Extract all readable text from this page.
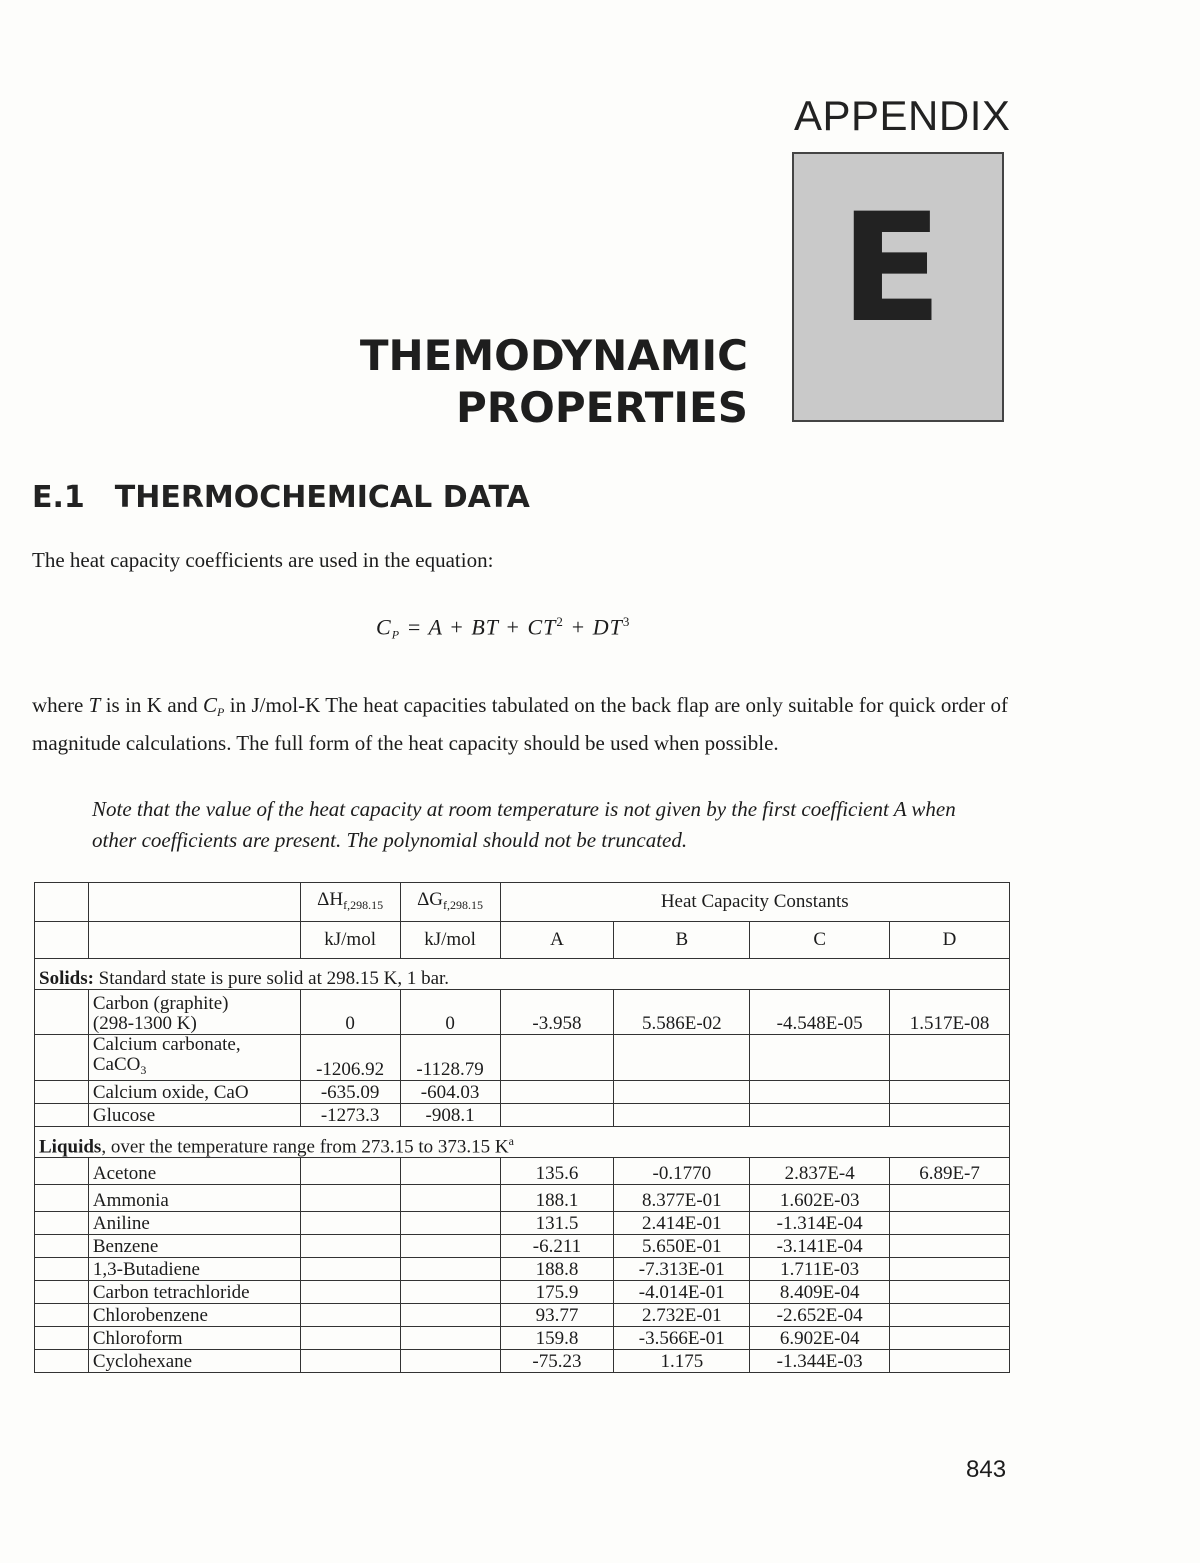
APPENDIX
E
THEMODYNAMIC
PROPERTIES
E.1 THERMOCHEMICAL DATA
The heat capacity coefficients are used in the equation:
$C_P = A$ + BT + $CT^2 + DT^3$
where T is in K and $C_P$ in J/mol-K The heat capacities tabulated on the back flap are only suitable for quick order of magnitude calculations. The full form of the heat capacity should be used when possible.
Note that the value of the heat capacity at room temperature is not given by the first coefficient A when other coefficients are present. The polynomial should not be truncated.
		$\Delta H_{f,298.15}$	$\Delta G_{f,298.15}$	Heat Capacity Constants			
		kJ/mol	kJ/mol	A	B	C	D
Solids: Standard state is pure solid at 298.15 K, 1 bar.							

	Carbon (graphite)
(298-1300 K)	0	0	-3.958	5.586E-02	-4.548E-05	1.517E-08

	Calcium carbonate,
CaCO$_3$	-1206.92	-1128.79				
	Calcium oxide, CaO	-635.09	-604.03				
	Glucose	-1273.3	-908.1				
Liquids, over the temperature range from 273.15 to 373.15 $K^a$
	Acetone			135.6	-0.1770	2.837E-4	6.89E-7
	Ammonia			188.1	8.377E-01	1.602E-03	
	Aniline			131.5	2.414E-01	-1.314E-04	
	Benzene			-6.211	5.650E-01	-3.141E-04	
	1,3-Butadiene			188.8	-7.313E-01	1.711E-03	
	Carbon tetrachloride			175.9	-4.014E-01	8.409E-04	
	Chlorobenzene			93.77	2.732E-01	-2.652E-04	
	Chloroform			159.8	-3.566E-01	6.902E-04	
	Cyclohexane			-75.23	1.175	-1.344E-03	
843
